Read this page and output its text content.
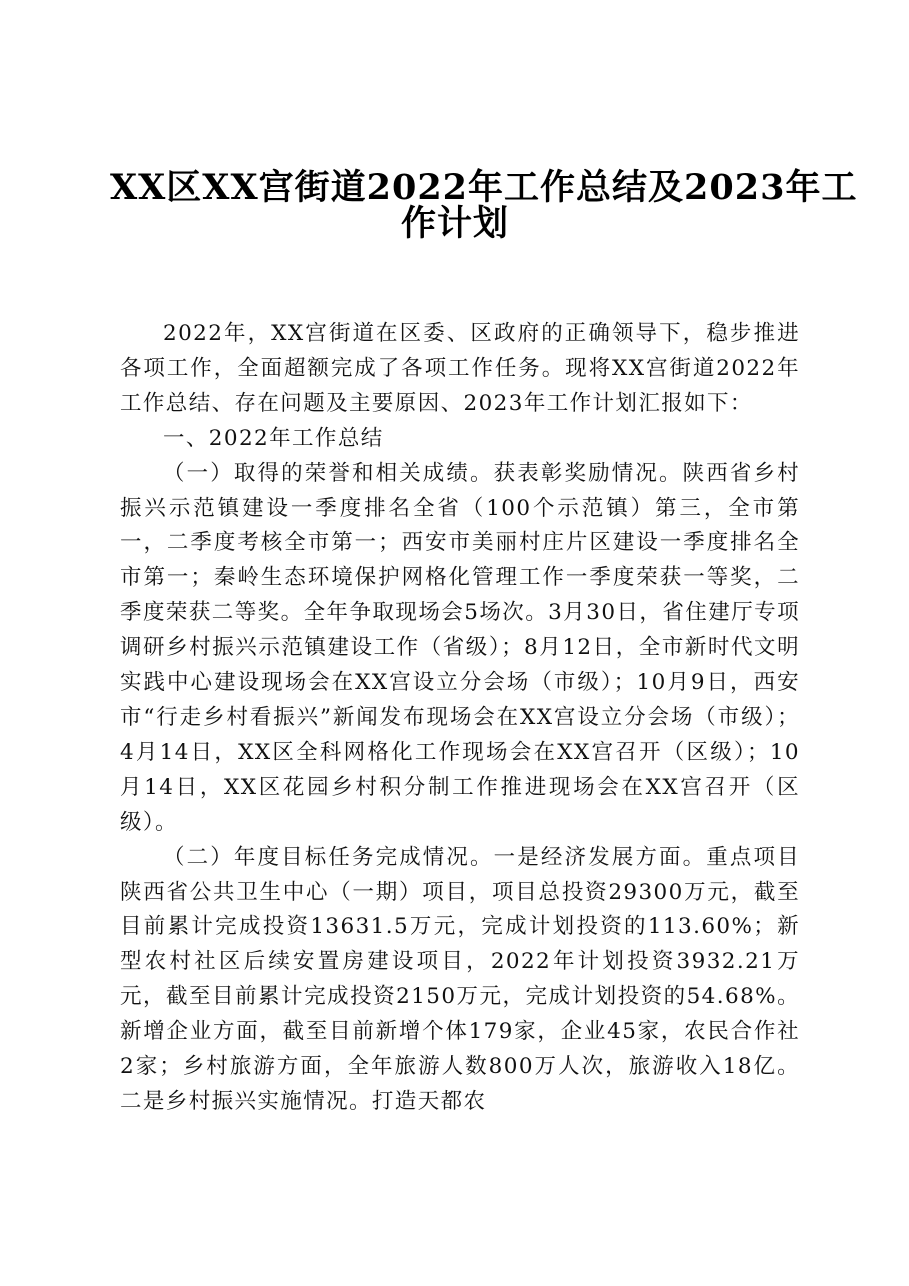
XX区XX宫街道2022年工作总结及2023年工
作计划

2022年，XX宫街道在区委、区政府的正确领导下，稳步推进各项工作，全面超额完成了各项工作任务。现将XX宫街道2022年工作总结、存在问题及主要原因、2023年工作计划汇报如下：

一、2022年工作总结

（一）取得的荣誉和相关成绩。获表彰奖励情况。陕西省乡村振兴示范镇建设一季度排名全省（100个示范镇）第三，全市第一，二季度考核全市第一；西安市美丽村庄片区建设一季度排名全市第一；秦岭生态环境保护网格化管理工作一季度荣获一等奖，二季度荣获二等奖。全年争取现场会5场次。3月30日，省住建厅专项调研乡村振兴示范镇建设工作（省级）；8月12日，全市新时代文明实践中心建设现场会在XX宫设立分会场（市级）；10月9日，西安市“行走乡村看振兴”新闻发布现场会在XX宫设立分会场（市级）；4月14日，XX区全科网格化工作现场会在XX宫召开（区级）；10月14日，XX区花园乡村积分制工作推进现场会在XX宫召开（区级）。

（二）年度目标任务完成情况。一是经济发展方面。重点项目陕西省公共卫生中心（一期）项目，项目总投资29300万元，截至目前累计完成投资13631.5万元，完成计划投资的113.60%；新型农村社区后续安置房建设项目，2022年计划投资3932.21万元，截至目前累计完成投资2150万元，完成计划投资的54.68%。新增企业方面，截至目前新增个体179家，企业45家，农民合作社2家；乡村旅游方面，全年旅游人数800万人次，旅游收入18亿。二是乡村振兴实施情况。打造天都农
